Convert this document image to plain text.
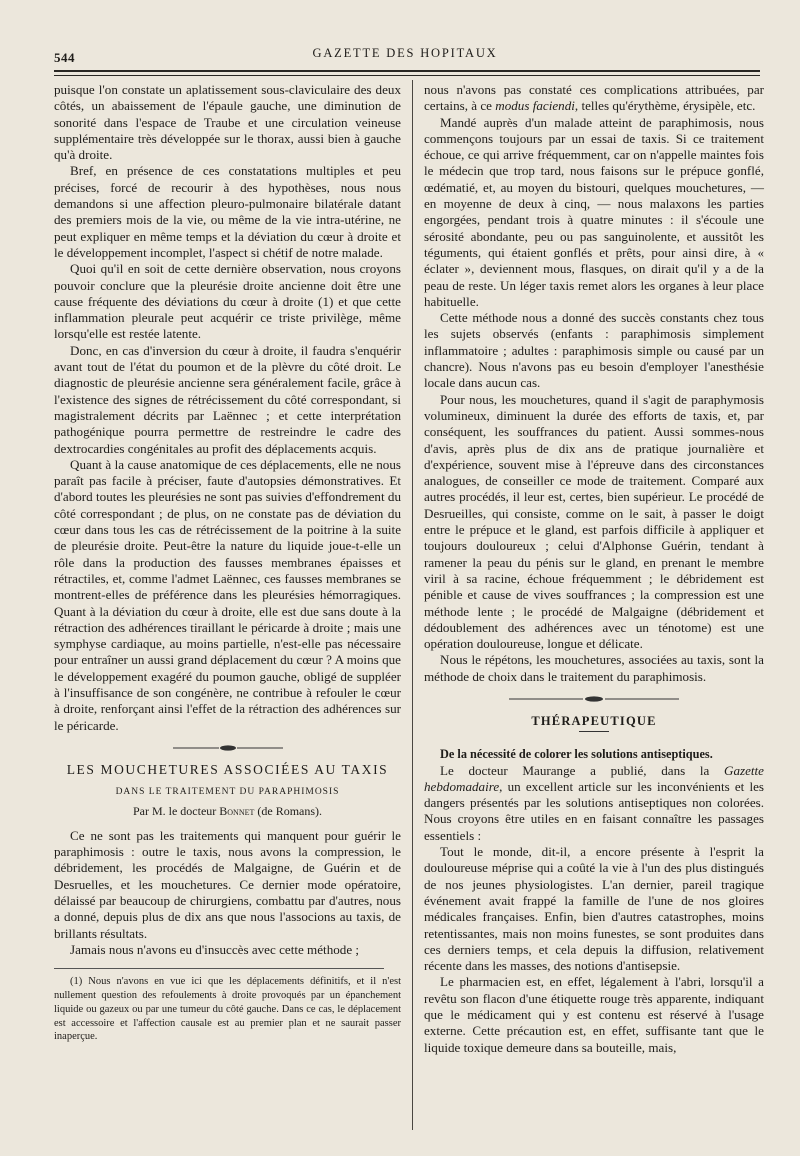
544	GAZETTE DES HOPITAUX

puisque l'on constate un aplatissement sous-claviculaire des deux côtés, un abaissement de l'épaule gauche, une diminution de sonorité dans l'espace de Traube et une circulation veineuse supplémentaire très développée sur le thorax, aussi bien à gauche qu'à droite.

Bref, en présence de ces constatations multiples et peu précises, forcé de recourir à des hypothèses, nous nous demandons si une affection pleuro-pulmonaire bilatérale datant des premiers mois de la vie, ou même de la vie intra-utérine, ne peut expliquer en même temps et la déviation du cœur à droite et le développement incomplet, l'aspect si chétif de notre malade.

Quoi qu'il en soit de cette dernière observation, nous croyons pouvoir conclure que la pleurésie droite ancienne doit être une cause fréquente des déviations du cœur à droite (1) et que cette inflammation pleurale peut acquérir ce triste privilège, même lorsqu'elle est restée latente.

Donc, en cas d'inversion du cœur à droite, il faudra s'enquérir avant tout de l'état du poumon et de la plèvre du côté droit. Le diagnostic de pleurésie ancienne sera généralement facile, grâce à l'existence des signes de rétrécissement du côté correspondant, si magistralement décrits par Laënnec ; et cette interprétation pathogénique pourra permettre de restreindre le cadre des dextrocardies congénitales au profit des déplacements acquis.

Quant à la cause anatomique de ces déplacements, elle ne nous paraît pas facile à préciser, faute d'autopsies démonstratives. Et d'abord toutes les pleurésies ne sont pas suivies d'effondrement du côté correspondant ; de plus, on ne constate pas de déviation du cœur dans tous les cas de rétrécissement de la poitrine à la suite de pleurésie droite. Peut-être la nature du liquide joue-t-elle un rôle dans la production des fausses membranes épaisses et rétractiles, et, comme l'admet Laënnec, ces fausses membranes se montrent-elles de préférence dans les pleurésies hémorragiques. Quant à la déviation du cœur à droite, elle est due sans doute à la rétraction des adhérences tiraillant le péricarde à droite ; mais une symphyse cardiaque, au moins partielle, n'est-elle pas nécessaire pour entraîner un aussi grand déplacement du cœur ? A moins que le développement exagéré du poumon gauche, obligé de suppléer à l'insuffisance de son congénère, ne contribue à refouler le cœur à droite, renforçant ainsi l'effet de la rétraction des adhérences sur le péricarde.

LES MOUCHETURES ASSOCIÉES AU TAXIS
DANS LE TRAITEMENT DU PARAPHIMOSIS
Par M. le docteur Bonnet (de Romans).

Ce ne sont pas les traitements qui manquent pour guérir le paraphimosis : outre le taxis, nous avons la compression, le débridement, les procédés de Malgaigne, de Guérin et de Desruelles, et les mouchetures. Ce dernier mode opératoire, délaissé par beaucoup de chirurgiens, combattu par d'autres, nous a donné, depuis plus de dix ans que nous l'associons au taxis, de brillants résultats.

Jamais nous n'avons eu d'insuccès avec cette méthode ;

(1) Nous n'avons en vue ici que les déplacements définitifs, et il n'est nullement question des refoulements à droite provoqués par un épanchement liquide ou gazeux ou par une tumeur du côté gauche. Dans ce cas, le déplacement est accessoire et l'affection causale est au premier plan et ne saurait passer inaperçue.

nous n'avons pas constaté ces complications attribuées, par certains, à ce modus faciendi, telles qu'érythème, érysipèle, etc.

Mandé auprès d'un malade atteint de paraphimosis, nous commençons toujours par un essai de taxis. Si ce traitement échoue, ce qui arrive fréquemment, car on n'appelle maintes fois le médecin que trop tard, nous faisons sur le prépuce gonflé, œdématié, et, au moyen du bistouri, quelques mouchetures, — en moyenne de deux à cinq, — nous malaxons les parties engorgées, pendant trois à quatre minutes : il s'écoule une sérosité abondante, peu ou pas sanguinolente, et aussitôt les téguments, qui étaient gonflés et prêts, pour ainsi dire, à « éclater », deviennent mous, flasques, on dirait qu'il y a de la peau de reste. Un léger taxis remet alors les organes à leur place habituelle.

Cette méthode nous a donné des succès constants chez tous les sujets observés (enfants : paraphimosis simplement inflammatoire ; adultes : paraphimosis simple ou causé par un chancre). Nous n'avons pas eu besoin d'employer l'anesthésie locale dans aucun cas.

Pour nous, les mouchetures, quand il s'agit de paraphymosis volumineux, diminuent la durée des efforts de taxis, et, par conséquent, les souffrances du patient. Aussi sommes-nous d'avis, après plus de dix ans de pratique journalière et d'expérience, souvent mise à l'épreuve dans des circonstances analogues, de conseiller ce mode de traitement. Comparé aux autres procédés, il leur est, certes, bien supérieur. Le procédé de Desrueilles, qui consiste, comme on le sait, à passer le doigt entre le prépuce et le gland, est parfois difficile à appliquer et toujours douloureux ; celui d'Alphonse Guérin, tendant à ramener la peau du pénis sur le gland, en prenant le membre viril à sa racine, échoue fréquemment ; le débridement est pénible et cause de vives souffrances ; la compression est une méthode lente ; le procédé de Malgaigne (débridement et dédoublement des adhérences avec un ténotome) est une opération douloureuse, longue et délicate.

Nous le répétons, les mouchetures, associées au taxis, sont la méthode de choix dans le traitement du paraphimosis.

THÉRAPEUTIQUE

De la nécessité de colorer les solutions antiseptiques.

Le docteur Maurange a publié, dans la Gazette hebdomadaire, un excellent article sur les inconvénients et les dangers présentés par les solutions antiseptiques non colorées. Nous croyons être utiles en en faisant connaître les passages essentiels :

Tout le monde, dit-il, a encore présente à l'esprit la douloureuse méprise qui a coûté la vie à l'un des plus distingués de nos jeunes physiologistes. L'an dernier, pareil tragique événement avait frappé la famille de l'une de nos gloires médicales françaises. Enfin, bien d'autres catastrophes, moins retentissantes, mais non moins funestes, se sont produites dans ces derniers temps, et cela depuis la diffusion, relativement récente dans les masses, des notions d'antisepsie.

Le pharmacien est, en effet, légalement à l'abri, lorsqu'il a revêtu son flacon d'une étiquette rouge très apparente, indiquant que le médicament qui y est contenu est réservé à l'usage externe. Cette précaution est, en effet, suffisante tant que le liquide toxique demeure dans sa bouteille, mais,
